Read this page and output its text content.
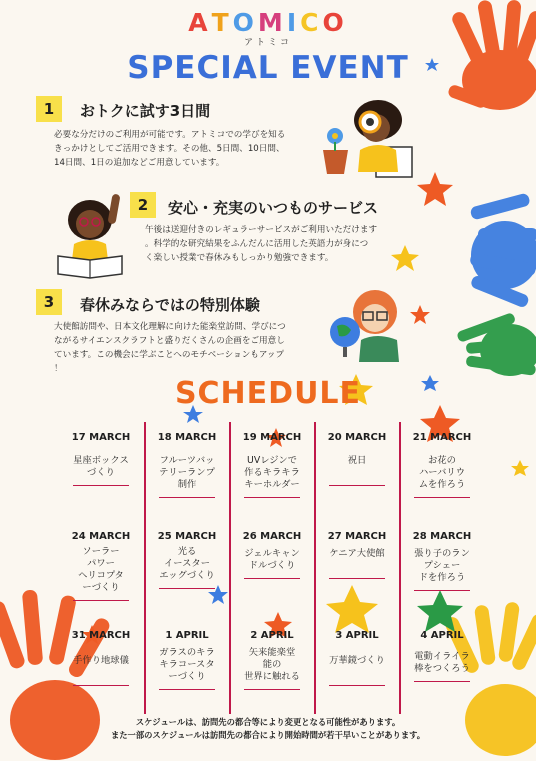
ATOMICO
アトミコ
SPECIAL EVENT
1	おトクに試す3日間
必要な分だけのご利用が可能です。アトミコでの学びを知る
きっかけとしてご活用できます。その他、5日間、10日間、
14日間、1日の追加などご用意しています。
2	安心・充実のいつものサービス
午後は送迎付きのレギュラーサービスがご利用いただけます
。科学的な研究結果をふんだんに活用した英語力が身につ
く楽しい授業で春休みもしっかり勉強できます。
3	春休みならではの特別体験
大使館訪問や、日本文化理解に向けた能楽堂訪問、学びにつ
ながるサイエンスクラフトと盛りだくさんの企画をご用意し
ています。この機会に学ぶことへのモチベーションもアップ
！
SCHEDULE
17 MARCH
星座ボックス
づくり
18 MARCH
フルーツバッ
テリーランプ
制作
19 MARCH
UVレジンで
作るキラキラ
キーホルダー
20 MARCH
祝日
21 MARCH
お花の
ハーバリウ
ムを作ろう
24 MARCH
ソーラー
パワー
ヘリコプタ
ーづくり
25 MARCH
光る
イースター
エッグづくり
26 MARCH
ジェルキャン
ドルづくり
27 MARCH
ケニア大使館
28 MARCH
張り子のラン
プシェー
ドを作ろう
31 MARCH
手作り地球儀
1 APRIL
ガラスのキラ
キラコースタ
ーづくり
2 APRIL
矢来能楽堂
能の
世界に触れる
3 APRIL
万華鏡づくり
4 APRIL
電動イライラ
棒をつくろう
スケジュールは、訪問先の都合等により変更となる可能性があります。
また一部のスケジュールは訪問先の都合により開始時間が若干早いことがあります。
